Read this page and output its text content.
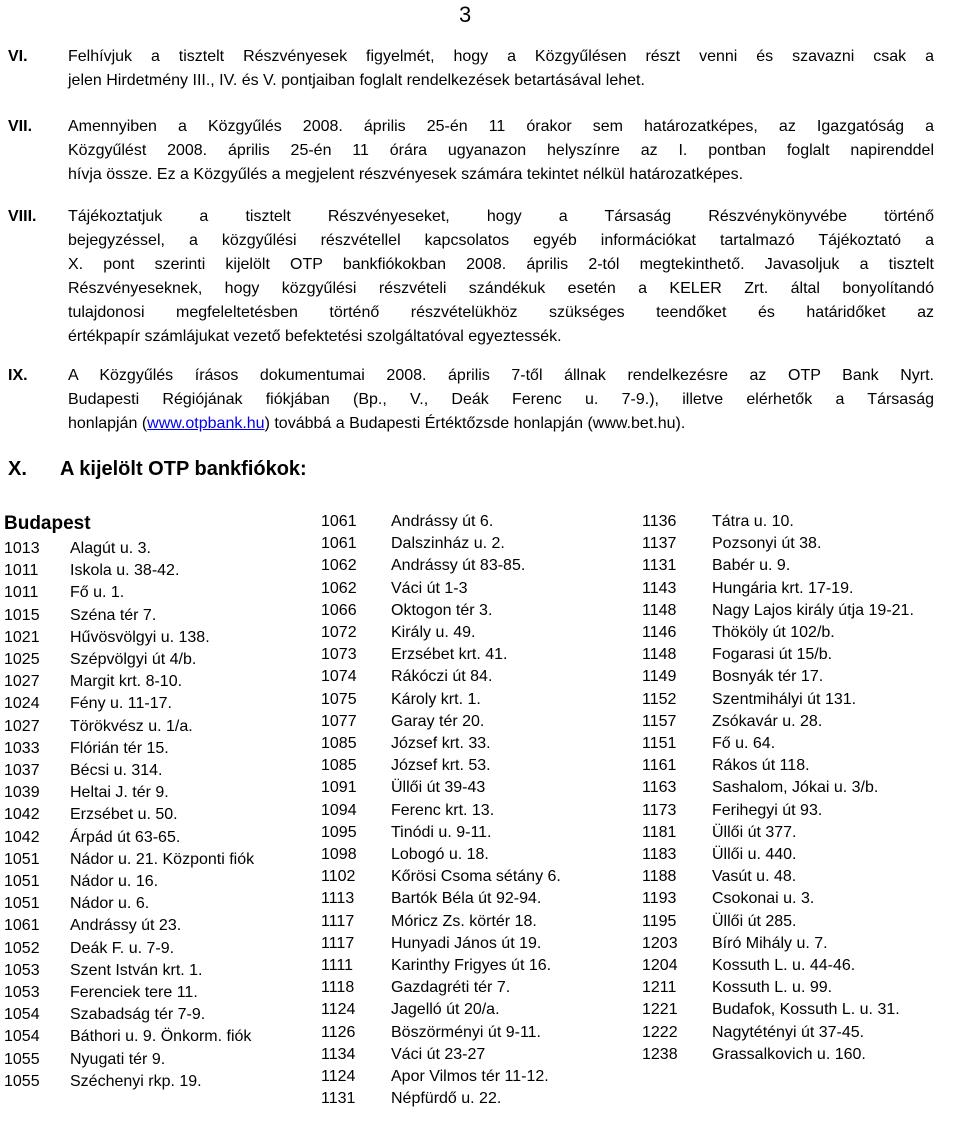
3
VI.	Felhívjuk a tisztelt Részvényesek figyelmét, hogy a Közgyűlésen részt venni és szavazni csak a
jelen Hirdetmény III., IV. és V. pontjaiban foglalt rendelkezések betartásával lehet.
VII. Amennyiben a Közgyűlés 2008. április 25-én 11 órakor sem határozatképes, az Igazgatóság a
Közgyűlést 2008. április 25-én 11 órára ugyanazon helyszínre az I. pontban foglalt napirenddel
hívja össze. Ez a Közgyűlés a megjelent részvényesek számára tekintet nélkül határozatképes.
VIII. Tájékoztatjuk a tisztelt Részvényeseket, hogy a Társaság Részvénykönyvébe történő
bejegyzéssel, a közgyűlési részvétellel kapcsolatos egyéb információkat tartalmazó Tájékoztató a
X. pont szerinti kijelölt OTP bankfiókokban 2008. április 2-tól megtekinthető. Javasoljuk a tisztelt
Részvényeseknek, hogy közgyűlési részvételi szándékuk esetén a KELER Zrt. által bonyolítandó
tulajdonosi megfeleltetésben történő részvételükhöz szükséges teendőket és határidőket az
értékpapír számlájukat vezető befektetési szolgáltatóval egyeztessék.
IX.	A Közgyűlés írásos dokumentumai 2008. április 7-től állnak rendelkezésre az OTP Bank Nyrt.
Budapesti Régiójának fiókjában (Bp., V., Deák Ferenc u. 7-9.), illetve elérhetők a Társaság
honlapján (www.otpbank.hu) továbbá a Budapesti Értéktőzsde honlapján (www.bet.hu).
X. A kijelölt OTP bankfiókok:
Budapest
1013	Alagút u. 3.
1011	Iskola u. 38-42.
1011	Fő u. 1.
1015	Széna tér 7.
1021	Hűvösvölgyi u. 138.
1025	Szépvölgyi út 4/b.
1027	Margit krt. 8-10.
1024	Fény u. 11-17.
1027	Törökvész u. 1/a.
1033	Flórián tér 15.
1037	Bécsi u. 314.
1039	Heltai J. tér 9.
1042	Erzsébet u. 50.
1042	Árpád út 63-65.
1051	Nádor u. 21. Központi fiók
1051	Nádor u. 16.
1051	Nádor u. 6.
1061	Andrássy út 23.
1052	Deák F. u. 7-9.
1053	Szent István krt. 1.
1053	Ferenciek tere 11.
1054	Szabadság tér 7-9.
1054	Báthori u. 9. Önkorm. fiók
1055	Nyugati tér 9.
1055	Széchenyi rkp. 19.
1061	Andrássy út 6.
1061	Dalszinház u. 2.
1062	Andrássy út 83-85.
1062	Váci út 1-3
1066	Oktogon tér 3.
1072	Király u. 49.
1073	Erzsébet krt. 41.
1074	Rákóczi út 84.
1075	Károly krt. 1.
1077	Garay tér 20.
1085	József krt. 33.
1085	József krt. 53.
1091	Üllői út 39-43
1094	Ferenc krt. 13.
1095	Tinódi u. 9-11.
1098	Lobogó u. 18.
1102	Kőrösi Csoma sétány 6.
1113	Bartók Béla út 92-94.
1117	Móricz Zs. körtér 18.
1117	Hunyadi János út 19.
1111	Karinthy Frigyes út 16.
1118	Gazdagréti tér 7.
1124	Jagelló út 20/a.
1126	Böszörményi út 9-11.
1134	Váci út 23-27
1124	Apor Vilmos tér 11-12.
1131	Népfürdő u. 22.
1136	Tátra u. 10.
1137	Pozsonyi út 38.
1131	Babér u. 9.
1143	Hungária krt. 17-19.
1148	Nagy Lajos király útja 19-21.
1146	Thököly út 102/b.
1148	Fogarasi út 15/b.
1149	Bosnyák tér 17.
1152	Szentmihályi út 131.
1157	Zsókavár u. 28.
1151	Fő u. 64.
1161	Rákos út 118.
1163	Sashalom, Jókai u. 3/b.
1173	Ferihegyi út 93.
1181	Üllői út 377.
1183	Üllői u. 440.
1188	Vasút u. 48.
1193	Csokonai u. 3.
1195	Üllői út 285.
1203	Bíró Mihály u. 7.
1204	Kossuth L. u. 44-46.
1211	Kossuth L. u. 99.
1221	Budafok, Kossuth L. u. 31.
1222	Nagytétényi út 37-45.
1238	Grassalkovich u. 160.
